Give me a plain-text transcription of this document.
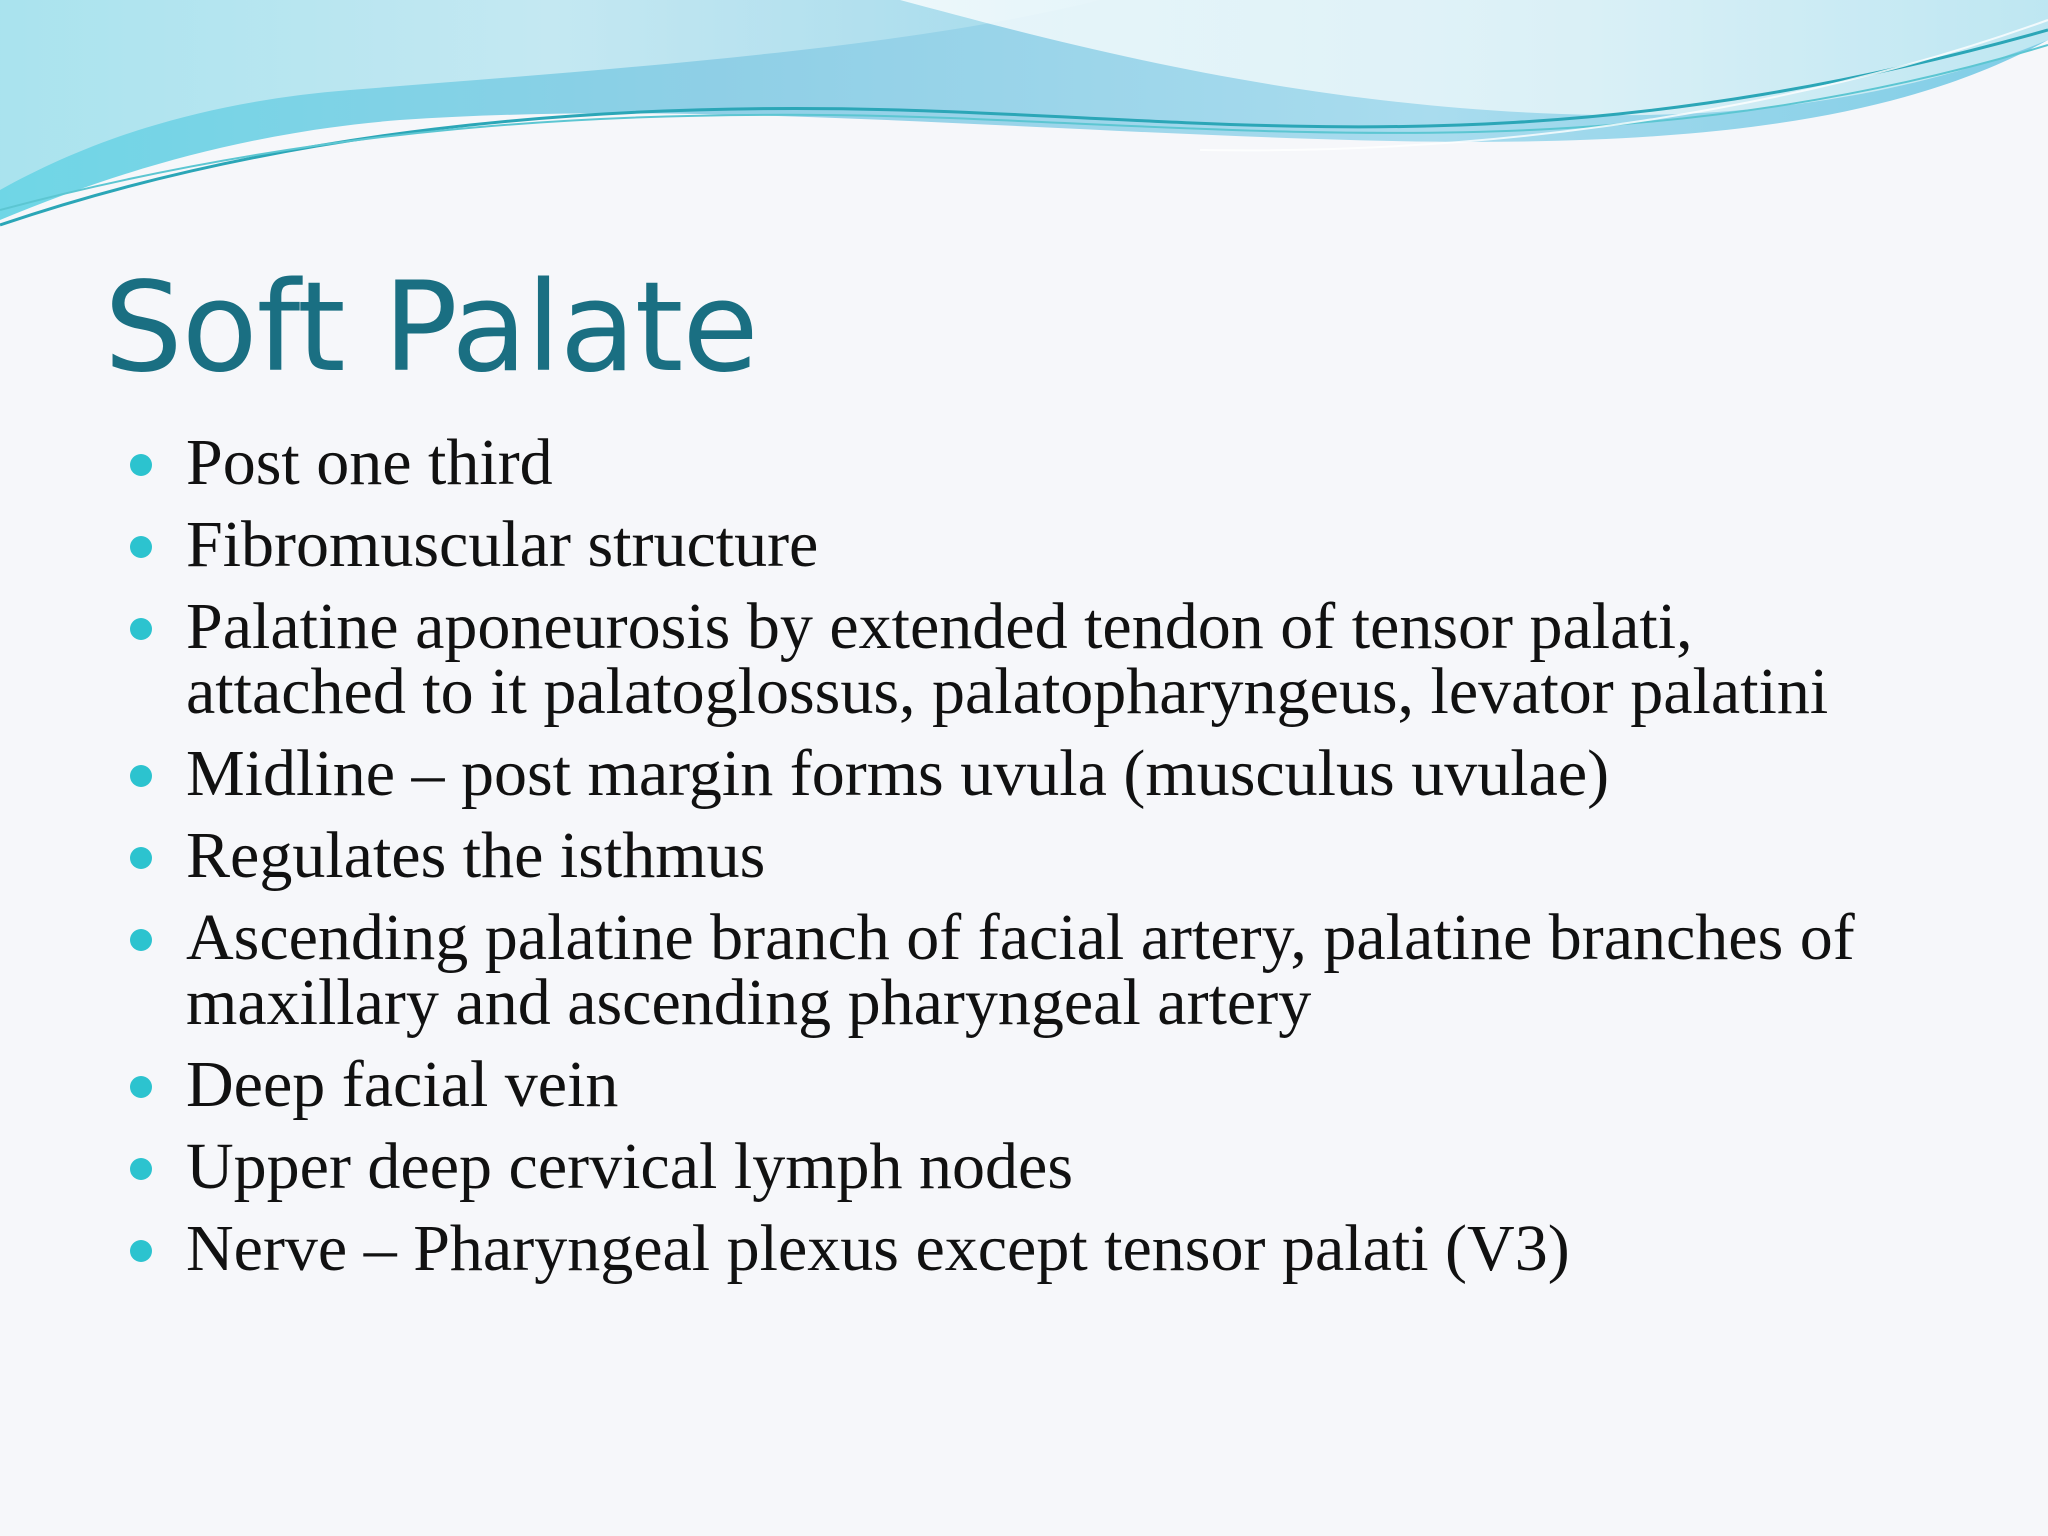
Soft Palate
Post one third
Fibromuscular structure
Palatine aponeurosis by extended tendon of tensor palati, attached to it palatoglossus, palatopharyngeus, levator palatini
Midline – post margin forms uvula (musculus uvulae)
Regulates the isthmus
Ascending palatine branch of facial artery, palatine branches of maxillary and ascending pharyngeal artery
Deep facial vein
Upper deep cervical lymph nodes
Nerve – Pharyngeal plexus except tensor palati (V3)
